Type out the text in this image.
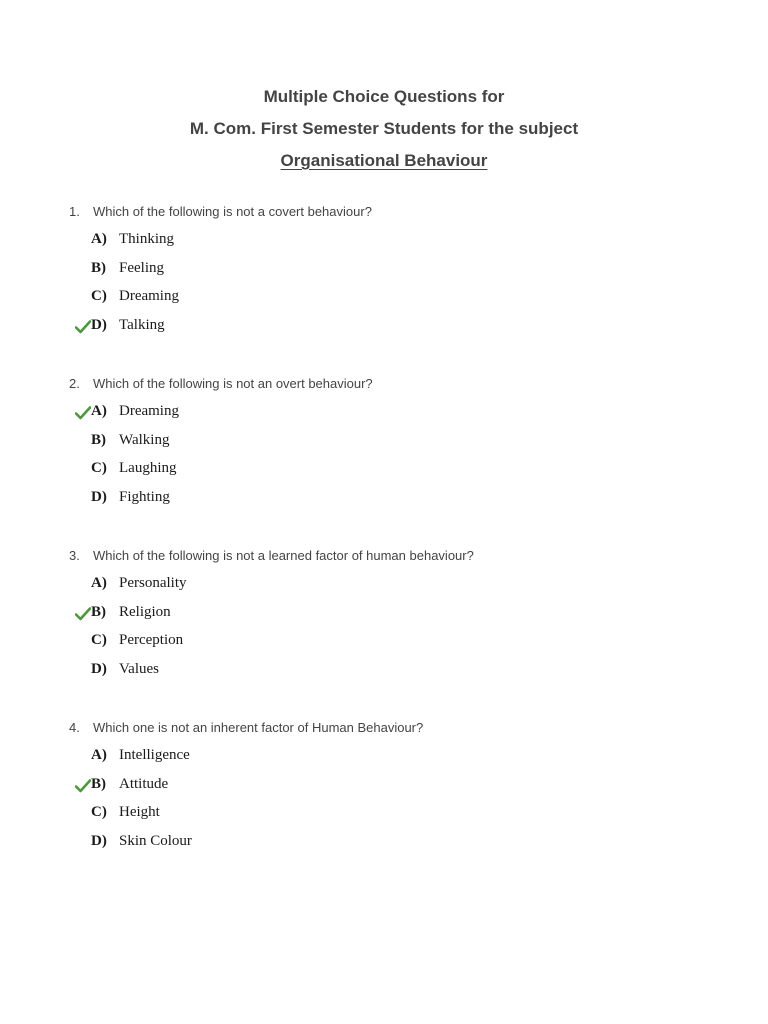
Multiple Choice Questions for
M. Com. First Semester Students for the subject
Organisational Behaviour
1.	Which of the following is not a covert behaviour?
A) Thinking
B) Feeling
C) Dreaming
D) Talking
2.	Which of the following is not an overt behaviour?
A) Dreaming
B) Walking
C) Laughing
D) Fighting
3.	Which of the following is not a learned factor of human behaviour?
A) Personality
B) Religion
C) Perception
D) Values
4.	Which one is not an inherent factor of Human Behaviour?
A) Intelligence
B) Attitude
C) Height
D) Skin Colour
